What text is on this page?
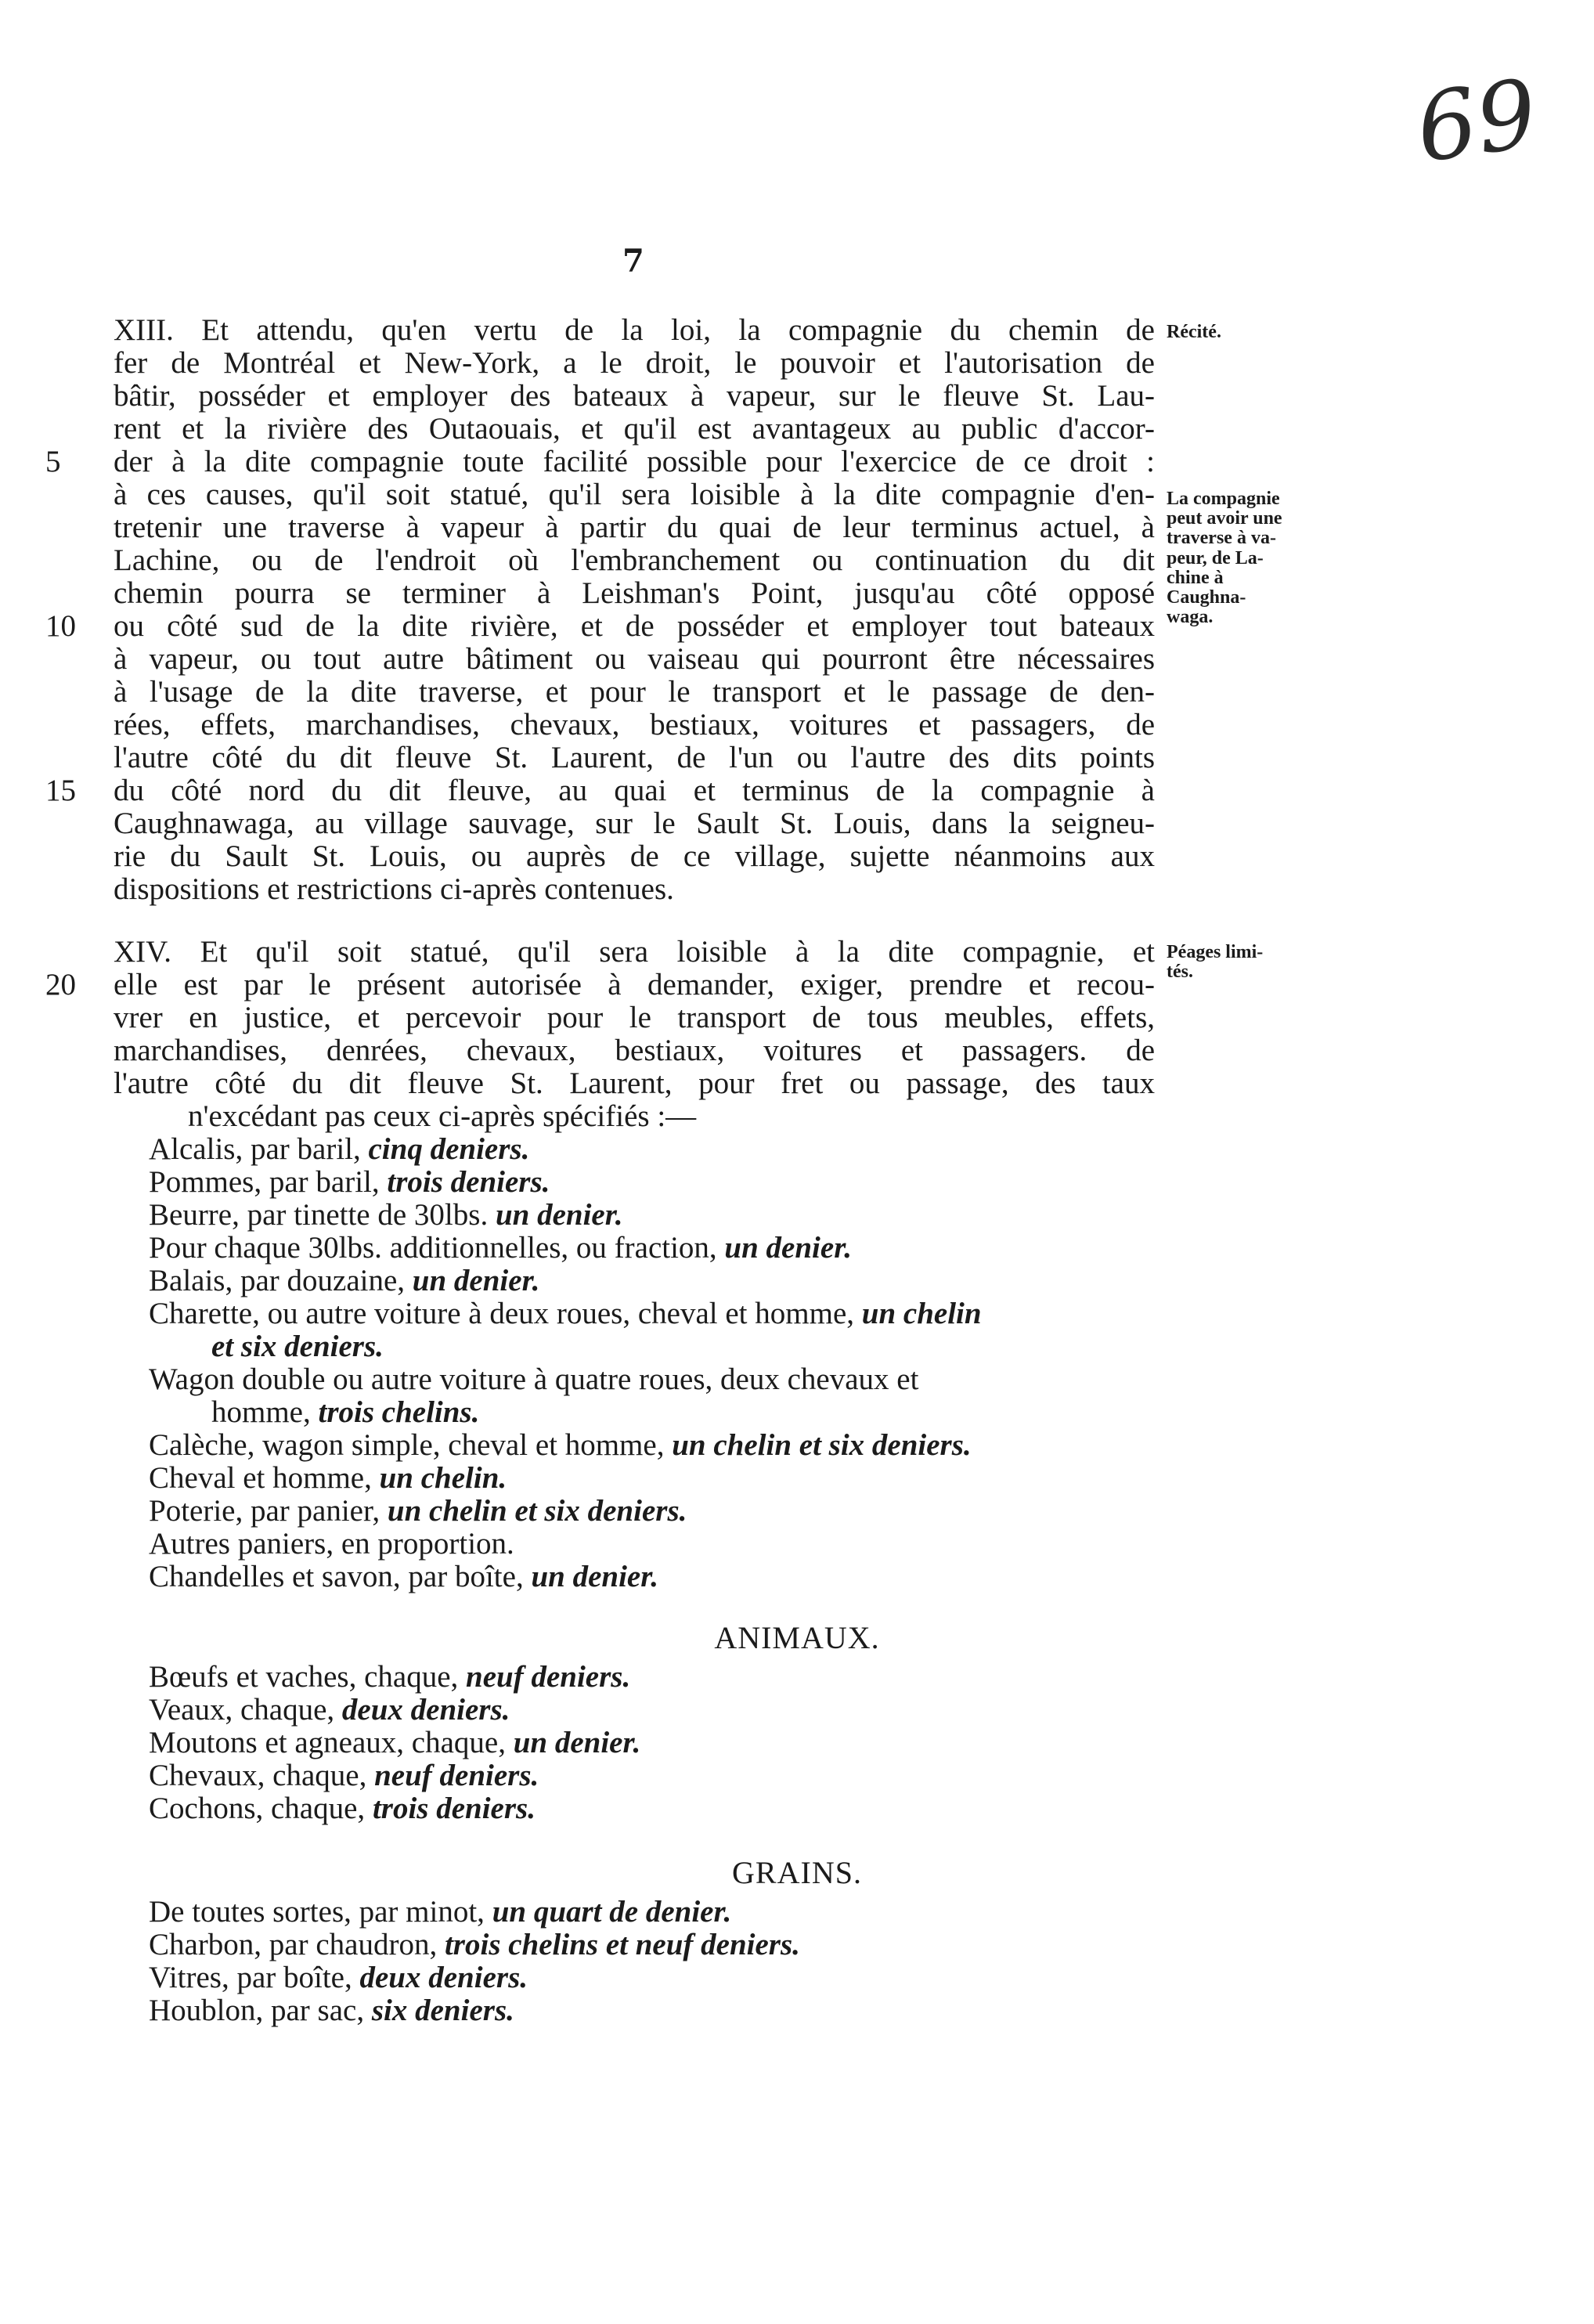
69
7
XIII. Et attendu, qu'en vertu de la loi, la compagnie du chemin de
fer de Montréal et New-York, a le droit, le pouvoir et l'autorisation de
bâtir, posséder et employer des bateaux à vapeur, sur le fleuve St. Lau-
rent et la rivière des Outaouais, et qu'il est avantageux au public d'accor-
5	der à la dite compagnie toute facilité possible pour l'exercice de ce droit :
à ces causes, qu'il soit statué, qu'il sera loisible à la dite compagnie d'en-
tretenir une traverse à vapeur à partir du quai de leur terminus actuel, à
Lachine, ou de l'endroit où l'embranchement ou continuation du dit
chemin pourra se terminer à Leishman's Point, jusqu'au côté opposé
10	ou côté sud de la dite rivière, et de posséder et employer tout bateaux
à vapeur, ou tout autre bâtiment ou vaiseau qui pourront être nécessaires
à l'usage de la dite traverse, et pour le transport et le passage de den-
rées, effets, marchandises, chevaux, bestiaux, voitures et passagers, de
l'autre côté du dit fleuve St. Laurent, de l'un ou l'autre des dits points
15	du côté nord du dit fleuve, au quai et terminus de la compagnie à
Caughnawaga, au village sauvage, sur le Sault St. Louis, dans la seigneu-
rie du Sault St. Louis, ou auprès de ce village, sujette néanmoins aux
dispositions et restrictions ci-après contenues.
Récité.
La compagnie
peut avoir une
traverse à va-
peur, de La-
chine à
Caughna-
waga.
XIV. Et qu'il soit statué, qu'il sera loisible à la dite compagnie, et
20	elle est par le présent autorisée à demander, exiger, prendre et recou-
vrer en justice, et percevoir pour le transport de tous meubles, effets,
marchandises, denrées, chevaux, bestiaux, voitures et passagers. de
l'autre côté du dit fleuve St. Laurent, pour fret ou passage, des taux
n'excédant pas ceux ci-après spécifiés :—
Péages limi-
tés.
Alcalis, par baril, cinq deniers.
Pommes, par baril, trois deniers.
Beurre, par tinette de 30lbs. un denier.
Pour chaque 30lbs. additionnelles, ou fraction, un denier.
Balais, par douzaine, un denier.
Charette, ou autre voiture à deux roues, cheval et homme, un chelin
et six deniers.
Wagon double ou autre voiture à quatre roues, deux chevaux et
homme, trois chelins.
Calèche, wagon simple, cheval et homme, un chelin et six deniers.
Cheval et homme, un chelin.
Poterie, par panier, un chelin et six deniers.
Autres paniers, en proportion.
Chandelles et savon, par boîte, un denier.
ANIMAUX.
Bœufs et vaches, chaque, neuf deniers.
Veaux, chaque, deux deniers.
Moutons et agneaux, chaque, un denier.
Chevaux, chaque, neuf deniers.
Cochons, chaque, trois deniers.
GRAINS.
De toutes sortes, par minot, un quart de denier.
Charbon, par chaudron, trois chelins et neuf deniers.
Vitres, par boîte, deux deniers.
Houblon, par sac, six deniers.
